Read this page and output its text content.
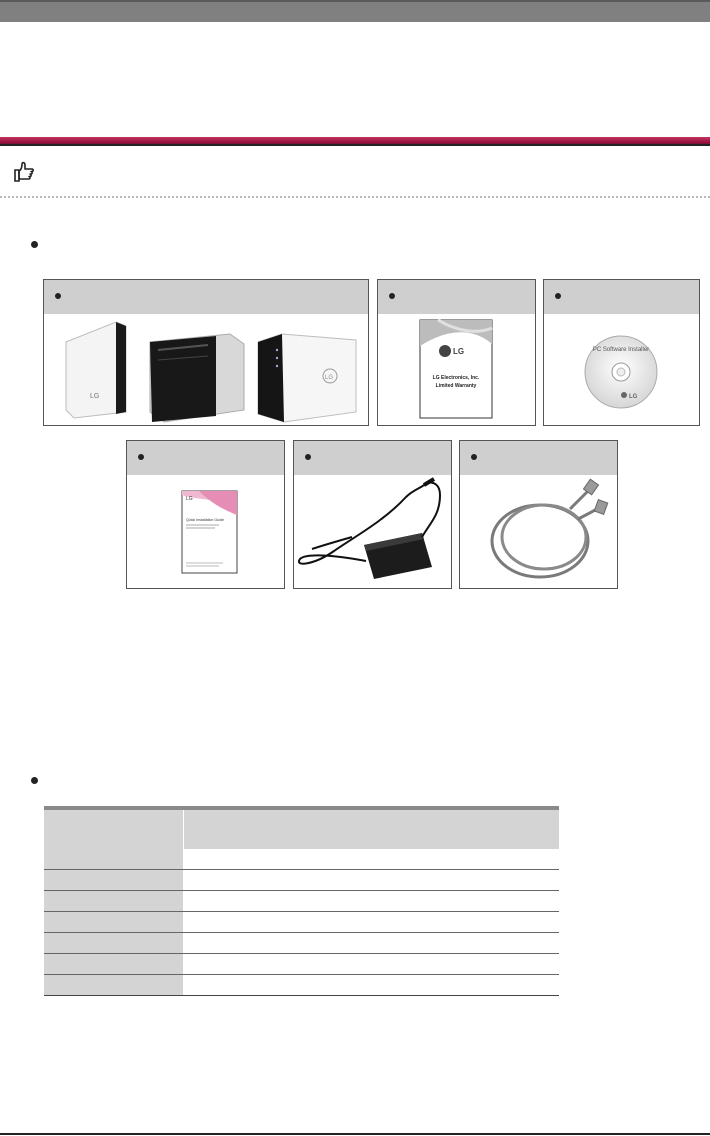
LG
LG
LG
LG Electronics, Inc.
Limited Warranty
PC Software Installer
LG
LG
Quick Installation Guide
